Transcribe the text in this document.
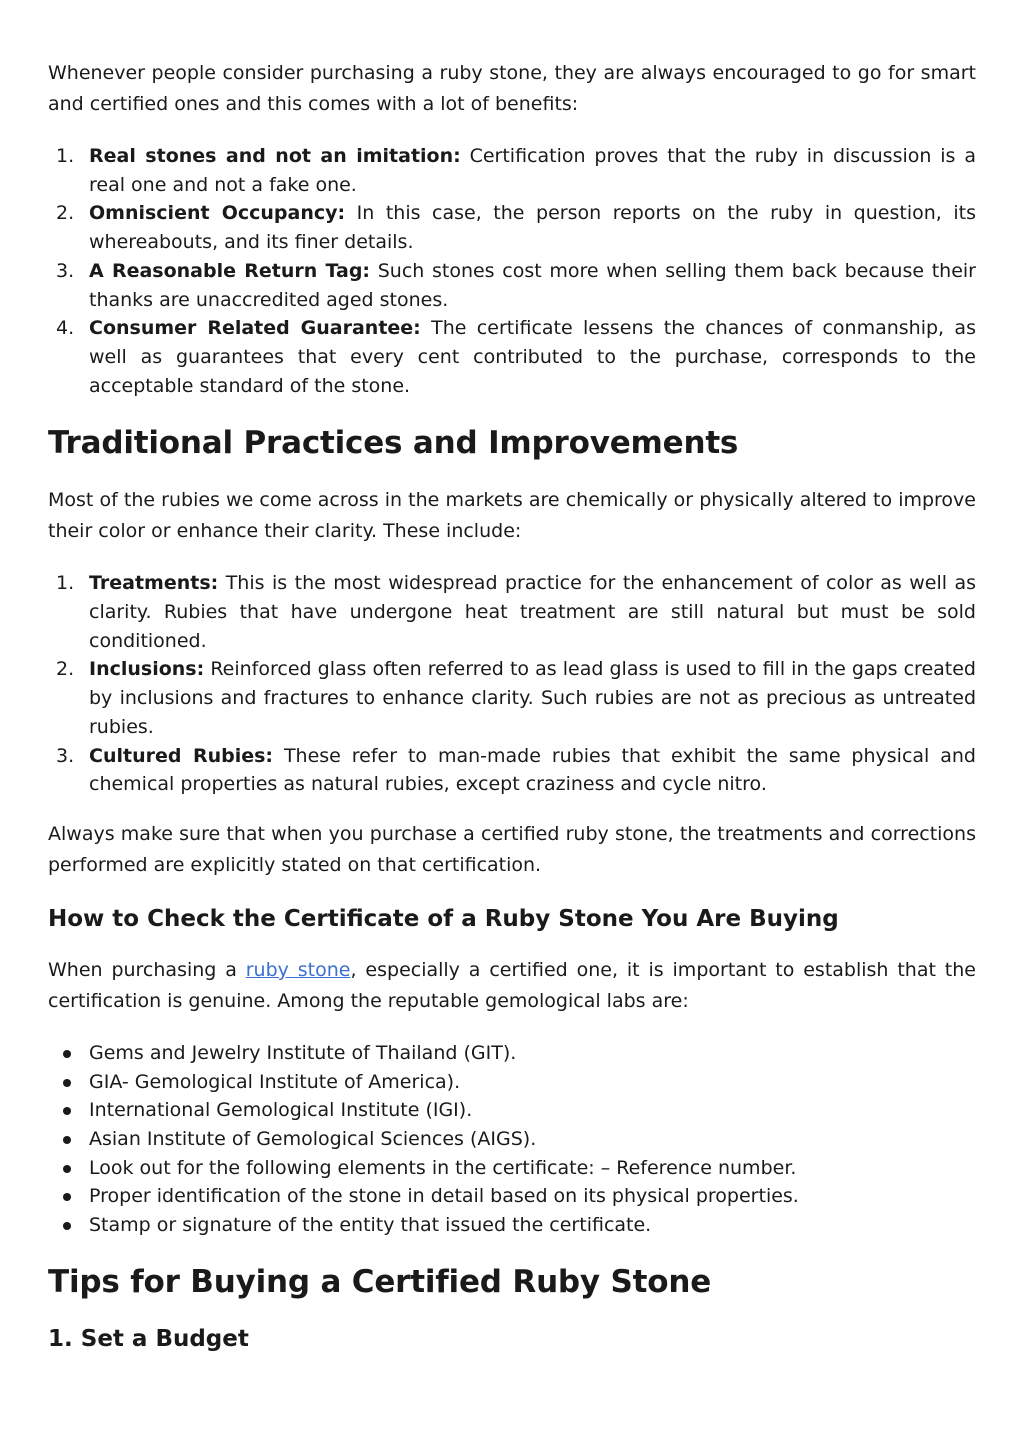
Whenever people consider purchasing a ruby stone, they are always encouraged to go for smart and certified ones and this comes with a lot of benefits:

1. Real stones and not an imitation: Certification proves that the ruby in discussion is a real one and not a fake one.
2. Omniscient Occupancy: In this case, the person reports on the ruby in question, its whereabouts, and its finer details.
3. A Reasonable Return Tag: Such stones cost more when selling them back because their thanks are unaccredited aged stones.
4. Consumer Related Guarantee: The certificate lessens the chances of conmanship, as well as guarantees that every cent contributed to the purchase, corresponds to the acceptable standard of the stone.
Traditional Practices and Improvements

Most of the rubies we come across in the markets are chemically or physically altered to improve their color or enhance their clarity. These include:

1. Treatments: This is the most widespread practice for the enhancement of color as well as clarity. Rubies that have undergone heat treatment are still natural but must be sold conditioned.
2. Inclusions: Reinforced glass often referred to as lead glass is used to fill in the gaps created by inclusions and fractures to enhance clarity. Such rubies are not as precious as untreated rubies.
3. Cultured Rubies: These refer to man-made rubies that exhibit the same physical and chemical properties as natural rubies, except craziness and cycle nitro.

Always make sure that when you purchase a certified ruby stone, the treatments and corrections performed are explicitly stated on that certification.

How to Check the Certificate of a Ruby Stone You Are Buying

When purchasing a ruby stone, especially a certified one, it is important to establish that the certification is genuine. Among the reputable gemological labs are:

Gems and Jewelry Institute of Thailand (GIT).
GIA- Gemological Institute of America).
International Gemological Institute (IGI).
Asian Institute of Gemological Sciences (AIGS).
Look out for the following elements in the certificate: – Reference number.
Proper identification of the stone in detail based on its physical properties.
Stamp or signature of the entity that issued the certificate.
Tips for Buying a Certified Ruby Stone
1. Set a Budget
